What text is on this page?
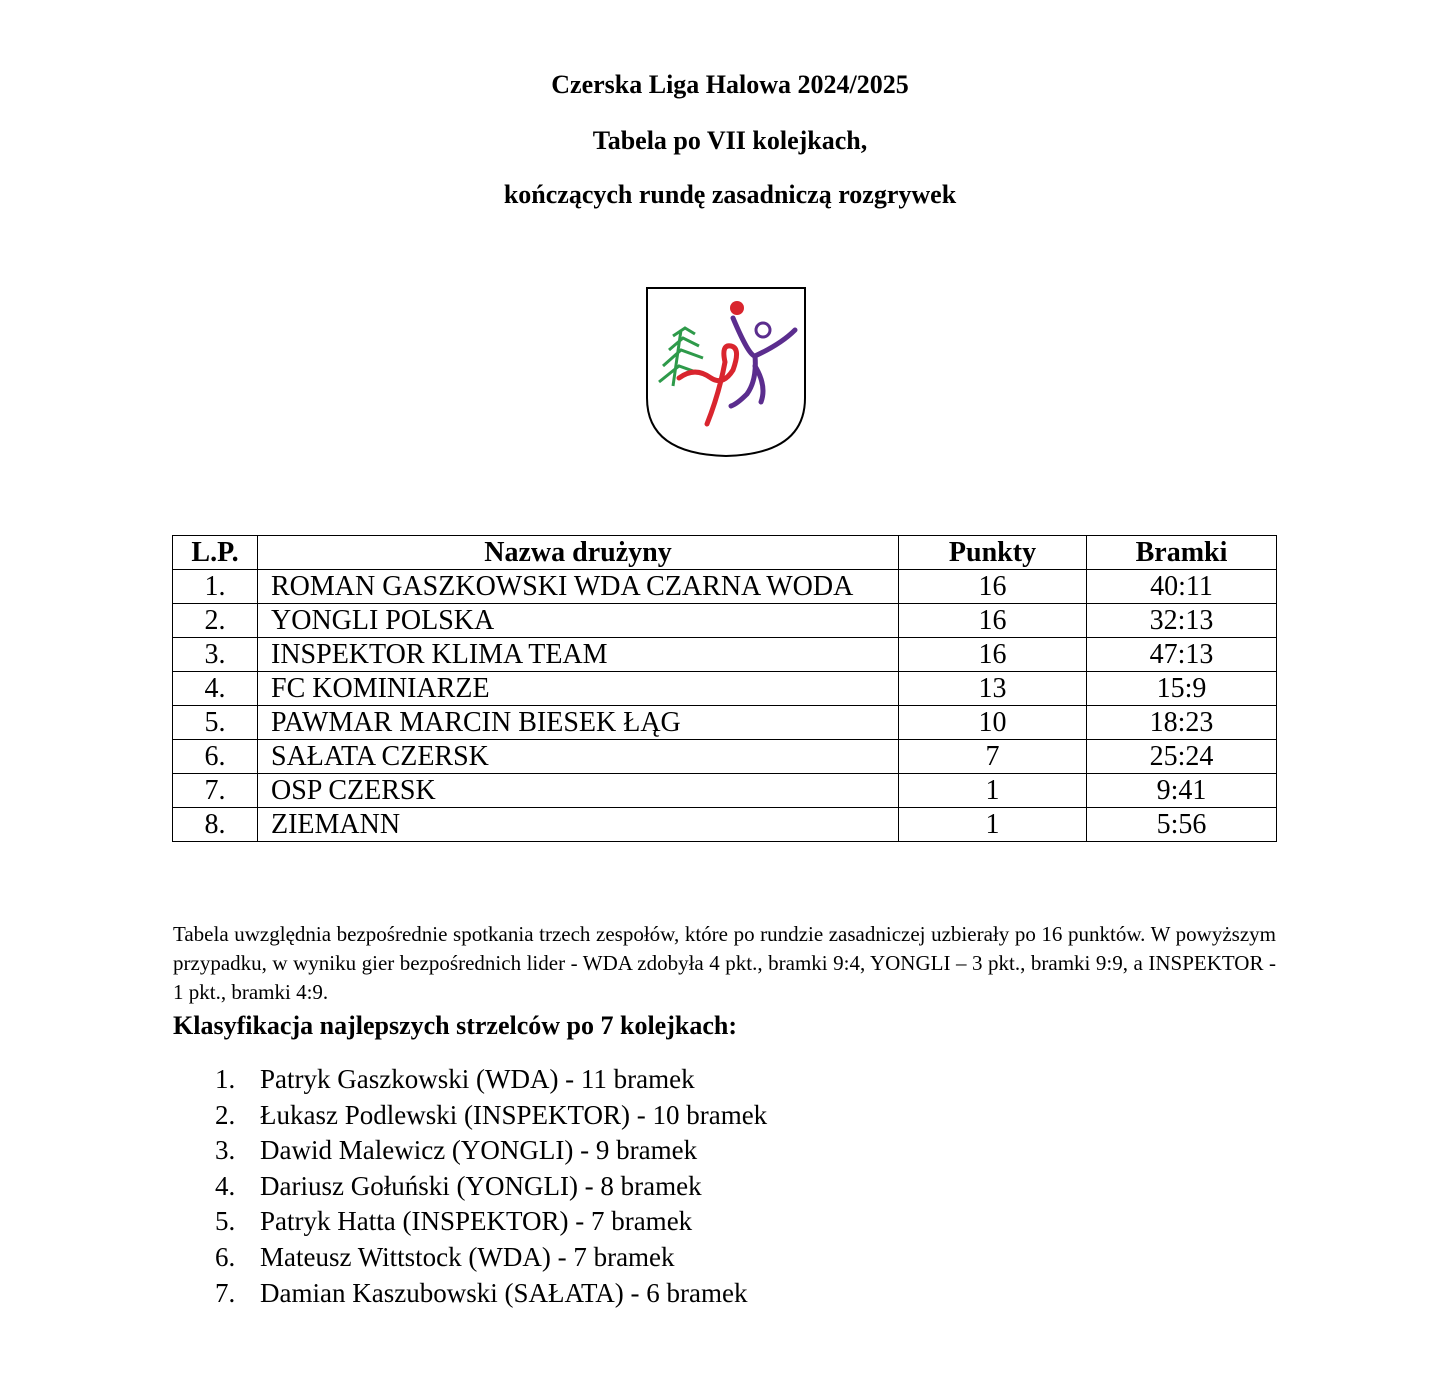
Czerska Liga Halowa 2024/2025
Tabela po VII kolejkach,
kończących rundę zasadniczą rozgrywek
L.P.	Nazwa drużyny	Punkty	Bramki
1.	ROMAN GASZKOWSKI WDA CZARNA WODA	16	40:11
2.	YONGLI POLSKA	16	32:13
3.	INSPEKTOR KLIMA TEAM	16	47:13
4.	FC KOMINIARZE	13	15:9
5.	PAWMAR MARCIN BIESEK ŁĄG	10	18:23
6.	SAŁATA CZERSK	7	25:24
7.	OSP CZERSK	1	9:41
8.	ZIEMANN	1	5:56

Tabela uwzględnia bezpośrednie spotkania trzech zespołów, które po rundzie zasadniczej uzbierały po 16 punktów. W powyższym przypadku, w wyniku gier bezpośrednich lider - WDA zdobyła 4 pkt., bramki 9:4, YONGLI – 3 pkt., bramki 9:9, a INSPEKTOR - 1 pkt., bramki 4:9.

Klasyfikacja najlepszych strzelców po 7 kolejkach:
1. Patryk Gaszkowski (WDA) - 11 bramek
2. Łukasz Podlewski (INSPEKTOR) - 10 bramek
3. Dawid Malewicz (YONGLI) - 9 bramek
4. Dariusz Gołuński (YONGLI) - 8 bramek
5. Patryk Hatta (INSPEKTOR) - 7 bramek
6. Mateusz Wittstock (WDA) - 7 bramek
7. Damian Kaszubowski (SAŁATA) - 6 bramek
